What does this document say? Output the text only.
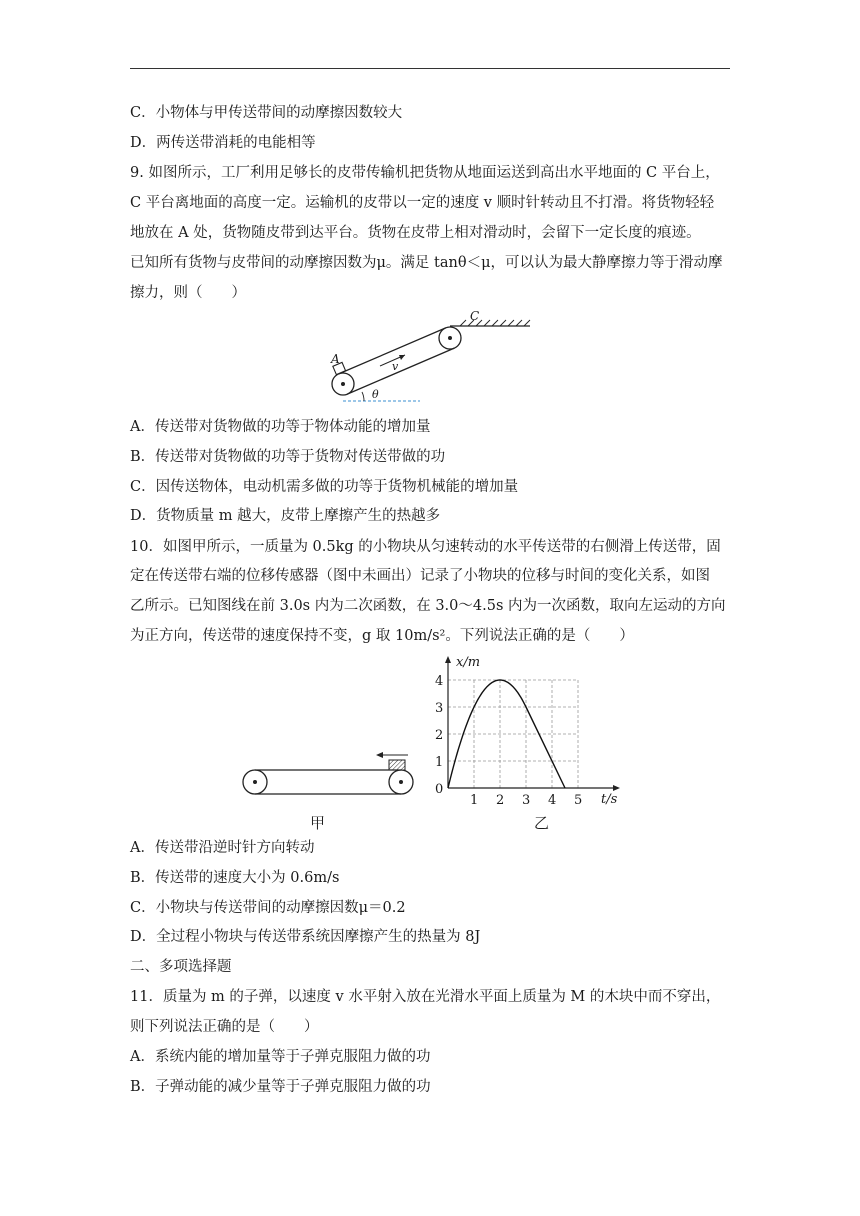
C．小物体与甲传送带间的动摩擦因数较大
D．两传送带消耗的电能相等
9. 如图所示，工厂利用足够长的皮带传输机把货物从地面运送到高出水平地面的 C 平台上，
C 平台离地面的高度一定。运输机的皮带以一定的速度 v 顺时针转动且不打滑。将货物轻轻
地放在 A 处，货物随皮带到达平台。货物在皮带上相对滑动时，会留下一定长度的痕迹。
已知所有货物与皮带间的动摩擦因数为μ。满足 tanθ＜μ，可以认为最大静摩擦力等于滑动摩
擦力，则（　　）
C
A
v
θ
A．传送带对货物做的功等于物体动能的增加量
B．传送带对货物做的功等于货物对传送带做的功
C．因传送物体，电动机需多做的功等于货物机械能的增加量
D．货物质量 m 越大，皮带上摩擦产生的热越多
10．如图甲所示，一质量为 0.5kg 的小物块从匀速转动的水平传送带的右侧滑上传送带，固
定在传送带右端的位移传感器（图中未画出）记录了小物块的位移与时间的变化关系，如图
乙所示。已知图线在前 3.0s 内为二次函数，在 3.0～4.5s 内为一次函数，取向左运动的方向
为正方向，传送带的速度保持不变，g 取 10m/s²。下列说法正确的是（　　）
甲
1 2 3 4 5
1
2
3
4
x/m
t/s
0
乙
A．传送带沿逆时针方向转动
B．传送带的速度大小为 0.6m/s
C．小物块与传送带间的动摩擦因数μ＝0.2
D．全过程小物块与传送带系统因摩擦产生的热量为 8J
二、多项选择题
11．质量为 m 的子弹，以速度 v 水平射入放在光滑水平面上质量为 M 的木块中而不穿出，
则下列说法正确的是（　　）
A．系统内能的增加量等于子弹克服阻力做的功
B．子弹动能的减少量等于子弹克服阻力做的功
